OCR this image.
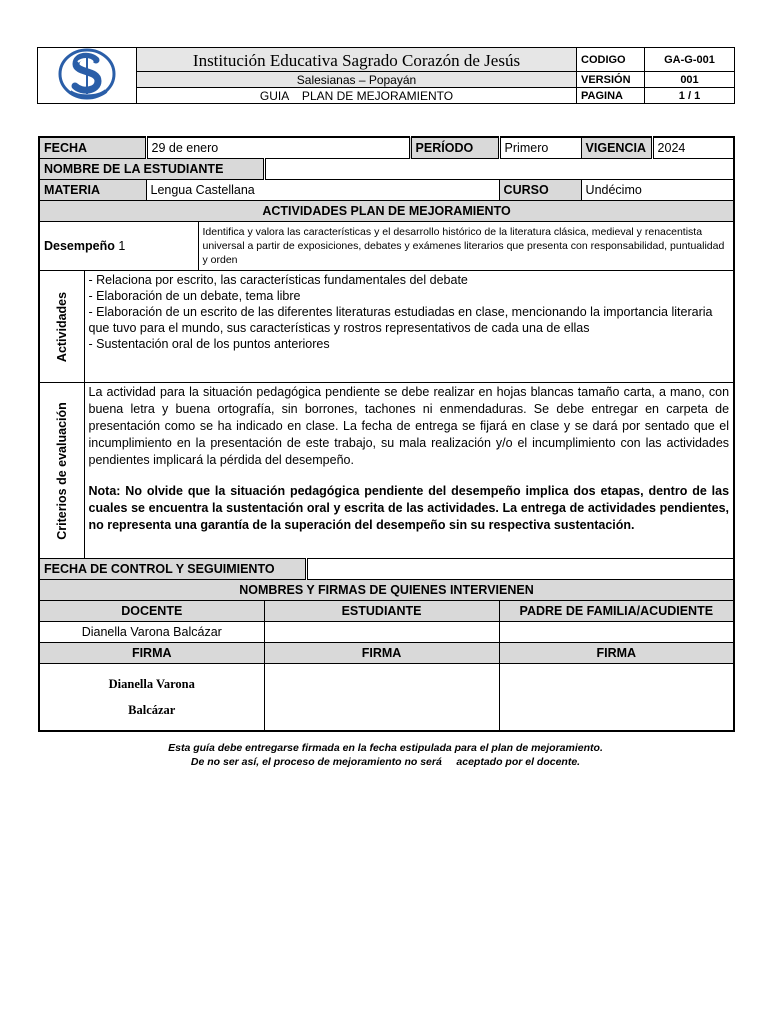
	Institución Educativa Sagrado Corazón de Jesús	CODIGO	GA-G-001
	Salesianas – Popayán	VERSIÓN	001
	GUIA    PLAN DE MEJORAMIENTO	PAGINA	1 / 1
FECHA		29 de enero				PERÍODO	Primero	VIGENCIA	2024
NOMBRE DE LA ESTUDIANTE									
MATERIA		Lengua Castellana					CURSO	Undécimo	
ACTIVIDADES PLAN DE MEJORAMIENTO									
Desempeño 1			Identifica y valora las características y el desarrollo histórico de la literatura clásica, medieval y renacentista universal a partir de exposiciones, debates y exámenes literarios que presenta con responsabilidad, puntualidad y orden						

Actividades	- Relaciona por escrito, las características fundamentales del debate
- Elaboración de un debate, tema libre
- Elaboración de un escrito de las diferentes literaturas estudiadas en clase, mencionando la importancia literaria que tuvo para el mundo, sus características y rostros representativos de cada una de ellas
- Sustentación oral de los puntos anteriores								

Criterios de evaluación	La actividad para la situación pedagógica pendiente se debe realizar en hojas blancas tamaño carta, a mano, con buena letra y buena ortografía, sin borrones, tachones ni enmendaduras. Se debe entregar en carpeta de presentación como se ha indicado en clase. La fecha de entrega se fijará en clase y se dará por sentado que el incumplimiento en la presentación de este trabajo, su mala realización y/o el incumplimiento con las actividades pendientes implicará la pérdida del desempeño.

Nota: No olvide que la situación pedagógica pendiente del desempeño implica dos etapas, dentro de las cuales se encuentra la sustentación oral y escrita de las actividades. La entrega de actividades pendientes, no representa una garantía de la superación del desempeño sin su respectiva sustentación.								

FECHA DE CONTROL Y SEGUIMIENTO									
NOMBRES Y FIRMAS DE QUIENES INTERVIENEN									
DOCENTE				ESTUDIANTE			PADRE DE FAMILIA/ACUDIENTE		
Dianella Varona Balcázar									
FIRMA				FIRMA			FIRMA		

Dianella Varona
Balcázar									

Esta guía debe entregarse firmada en la fecha estipulada para el plan de mejoramiento.
De no ser así, el proceso de mejoramiento no será     aceptado por el docente.
